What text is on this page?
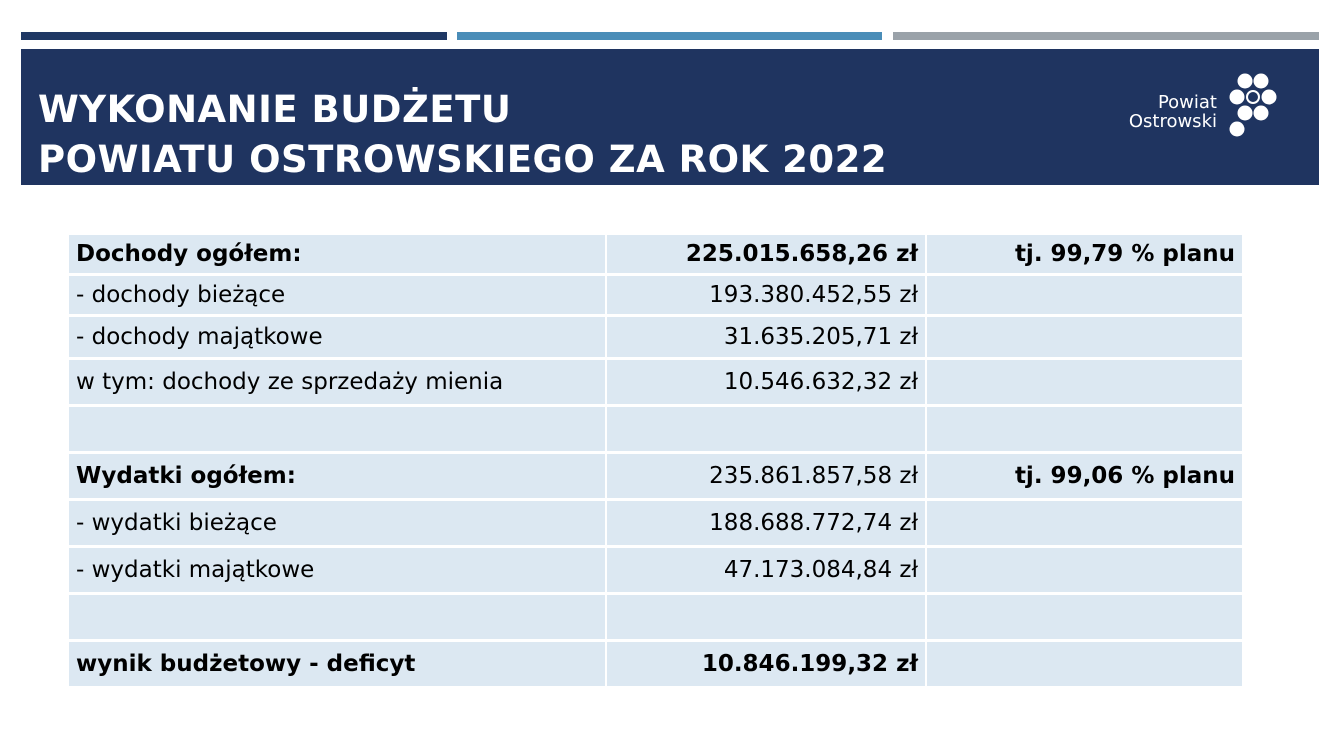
WYKONANIE BUDŻETU
POWIATU OSTROWSKIEGO ZA ROK 2022
Powiat
Ostrowski
Dochody ogółem:	225.015.658,26 zł	tj. 99,79 % planu
- dochody bieżące	193.380.452,55 zł	
- dochody majątkowe	31.635.205,71 zł	
w tym: dochody ze sprzedaży mienia	10.546.632,32 zł	

Wydatki ogółem:	235.861.857,58 zł	tj. 99,06 % planu
- wydatki bieżące	188.688.772,74 zł	
- wydatki majątkowe	47.173.084,84 zł	

wynik budżetowy - deficyt	10.846.199,32 zł	
